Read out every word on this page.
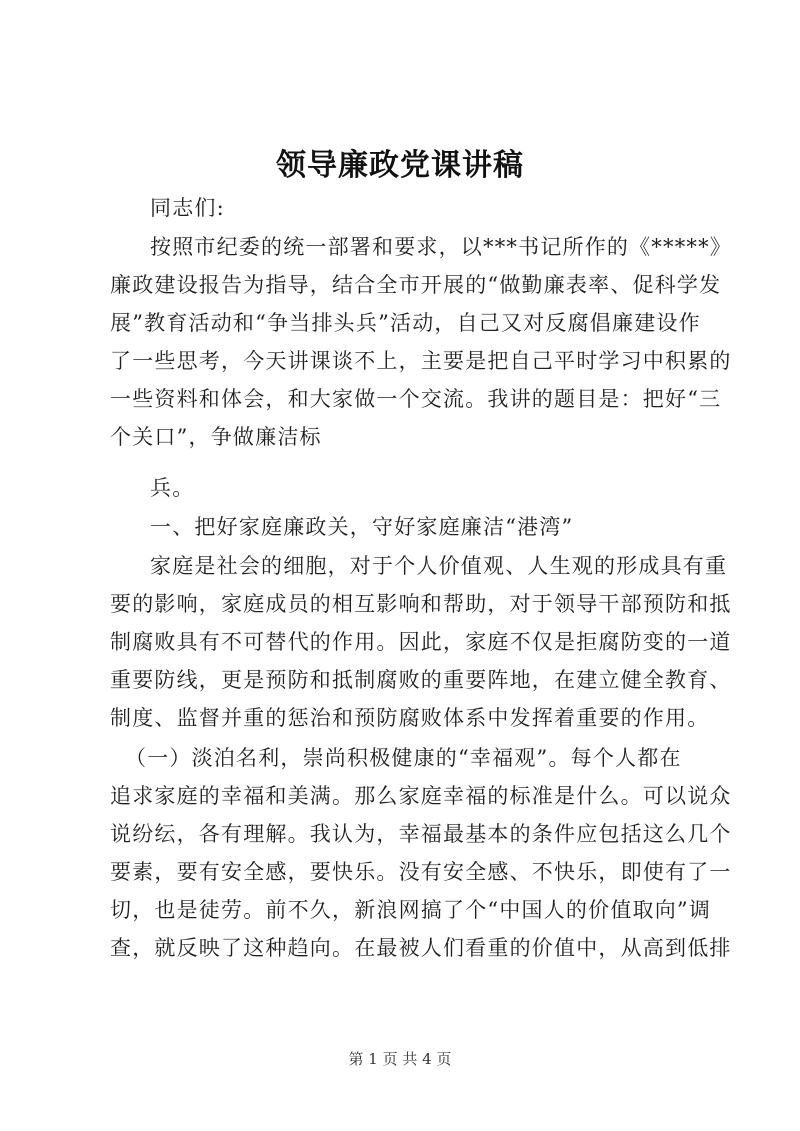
领导廉政党课讲稿
同志们:
按照市纪委的统一部署和要求，以***书记所作的《*****》
廉政建设报告为指导，结合全市开展的“做勤廉表率、促科学发
展”教育活动和“争当排头兵”活动，自己又对反腐倡廉建设作
了一些思考，今天讲课谈不上，主要是把自己平时学习中积累的
一些资料和体会，和大家做一个交流。我讲的题目是：把好“三
个关口”，争做廉洁标
兵。
一、把好家庭廉政关，守好家庭廉洁“港湾”
家庭是社会的细胞，对于个人价值观、人生观的形成具有重
要的影响，家庭成员的相互影响和帮助，对于领导干部预防和抵
制腐败具有不可替代的作用。因此，家庭不仅是拒腐防变的一道
重要防线，更是预防和抵制腐败的重要阵地，在建立健全教育、
制度、监督并重的惩治和预防腐败体系中发挥着重要的作用。
（一）淡泊名利，崇尚积极健康的“幸福观”。每个人都在
追求家庭的幸福和美满。那么家庭幸福的标准是什么。可以说众
说纷纭，各有理解。我认为，幸福最基本的条件应包括这么几个
要素，要有安全感，要快乐。没有安全感、不快乐，即使有了一
切，也是徒劳。前不久，新浪网搞了个“中国人的价值取向”调
查，就反映了这种趋向。在最被人们看重的价值中，从高到低排
第 1 页 共 4 页
